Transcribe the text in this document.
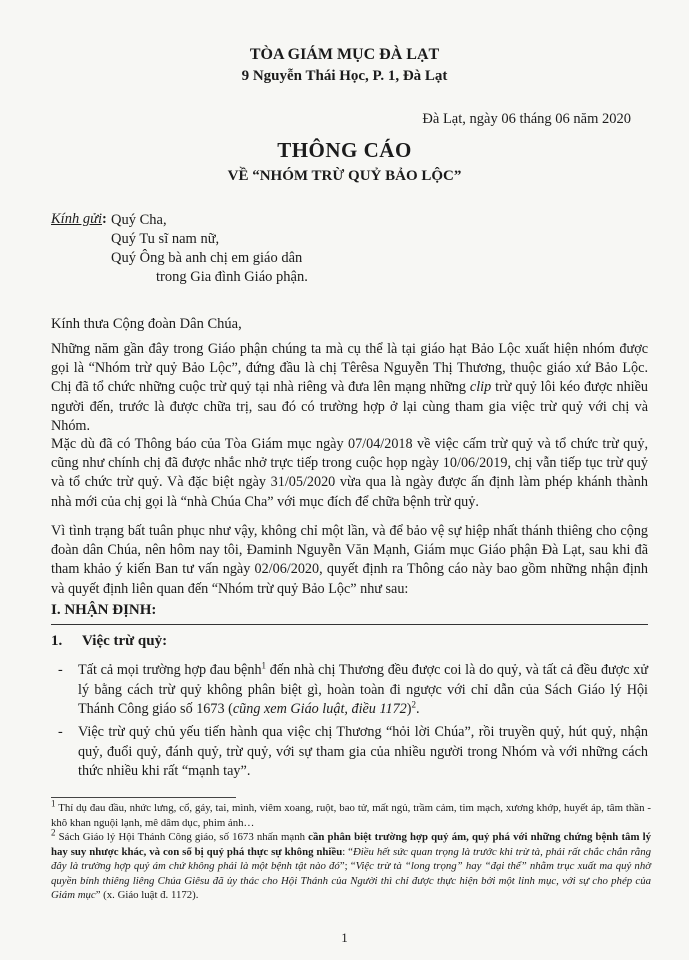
TÒA GIÁM MỤC ĐÀ LẠT
9 Nguyễn Thái Học, P. 1, Đà Lạt
Đà Lạt, ngày 06 tháng 06 năm 2020
THÔNG CÁO
VỀ “NHÓM TRỪ QUỶ BẢO LỘC”
Kính gửi: Quý Cha,
Quý Tu sĩ nam nữ,
Quý Ông bà anh chị em giáo dân
trong Gia đình Giáo phận.
Kính thưa Cộng đoàn Dân Chúa,
Những năm gần đây trong Giáo phận chúng ta mà cụ thể là tại giáo hạt Bảo Lộc xuất hiện nhóm được gọi là “Nhóm trừ quỷ Bảo Lộc”, đứng đầu là chị Têrêsa Nguyễn Thị Thương, thuộc giáo xứ Bảo Lộc. Chị đã tổ chức những cuộc trừ quỷ tại nhà riêng và đưa lên mạng những clip trừ quỷ lôi kéo được nhiều người đến, trước là được chữa trị, sau đó có trường hợp ở lại cùng tham gia việc trừ quỷ với chị và Nhóm.
Mặc dù đã có Thông báo của Tòa Giám mục ngày 07/04/2018 về việc cấm trừ quỷ và tổ chức trừ quỷ, cũng như chính chị đã được nhắc nhở trực tiếp trong cuộc họp ngày 10/06/2019, chị vẫn tiếp tục trừ quỷ và tổ chức trừ quỷ. Và đặc biệt ngày 31/05/2020 vừa qua là ngày được ấn định làm phép khánh thành nhà mới của chị gọi là “nhà Chúa Cha” với mục đích để chữa bệnh trừ quỷ.
Vì tình trạng bất tuân phục như vậy, không chỉ một lần, và để bảo vệ sự hiệp nhất thánh thiêng cho cộng đoàn dân Chúa, nên hôm nay tôi, Đaminh Nguyễn Văn Mạnh, Giám mục Giáo phận Đà Lạt, sau khi đã tham khảo ý kiến Ban tư vấn ngày 02/06/2020, quyết định ra Thông cáo này bao gồm những nhận định và quyết định liên quan đến “Nhóm trừ quỷ Bảo Lộc” như sau:
I. NHẬN ĐỊNH:
1. Việc trừ quỷ:
- Tất cả mọi trường hợp đau bệnh$^1$ đến nhà chị Thương đều được coi là do quỷ, và tất cả đều được xử lý bằng cách trừ quỷ không phân biệt gì, hoàn toàn đi ngược với chỉ dẫn của Sách Giáo lý Hội Thánh Công giáo số 1673 (cũng xem Giáo luật, điều 1172)$^2$.
- Việc trừ quỷ chủ yếu tiến hành qua việc chị Thương “hỏi lời Chúa”, rồi truyền quỷ, hút quỷ, nhận quỷ, đuổi quỷ, đánh quỷ, trừ quỷ, với sự tham gia của nhiều người trong Nhóm và với những cách thức nhiều khi rất “mạnh tay”.
$^1$ Thí dụ đau đầu, nhức lưng, cổ, gáy, tai, mình, viêm xoang, ruột, bao tử, mất ngủ, trầm cảm, tim mạch, xương khớp, huyết áp, tâm thần - khô khan nguội lạnh, mê dâm dục, phim ảnh…
$^2$ Sách Giáo lý Hội Thánh Công giáo, số 1673 nhấn mạnh cần phân biệt trường hợp quỷ ám, quỷ phá với những chứng bệnh tâm lý hay suy nhược khác, và con số bị quỷ phá thực sự không nhiều: “Điều hết sức quan trọng là trước khi trừ tà, phải rất chắc chắn rằng đây là trường hợp quỷ ám chứ không phải là một bệnh tật nào đó”; “Việc trừ tà “long trọng” hay “đại thể” nhằm trục xuất ma quỷ nhờ quyền bính thiêng liêng Chúa Giêsu đã ủy thác cho Hội Thánh của Người thì chỉ được thực hiện bởi một linh mục, với sự cho phép của Giám mục” (x. Giáo luật đ. 1172).
1
